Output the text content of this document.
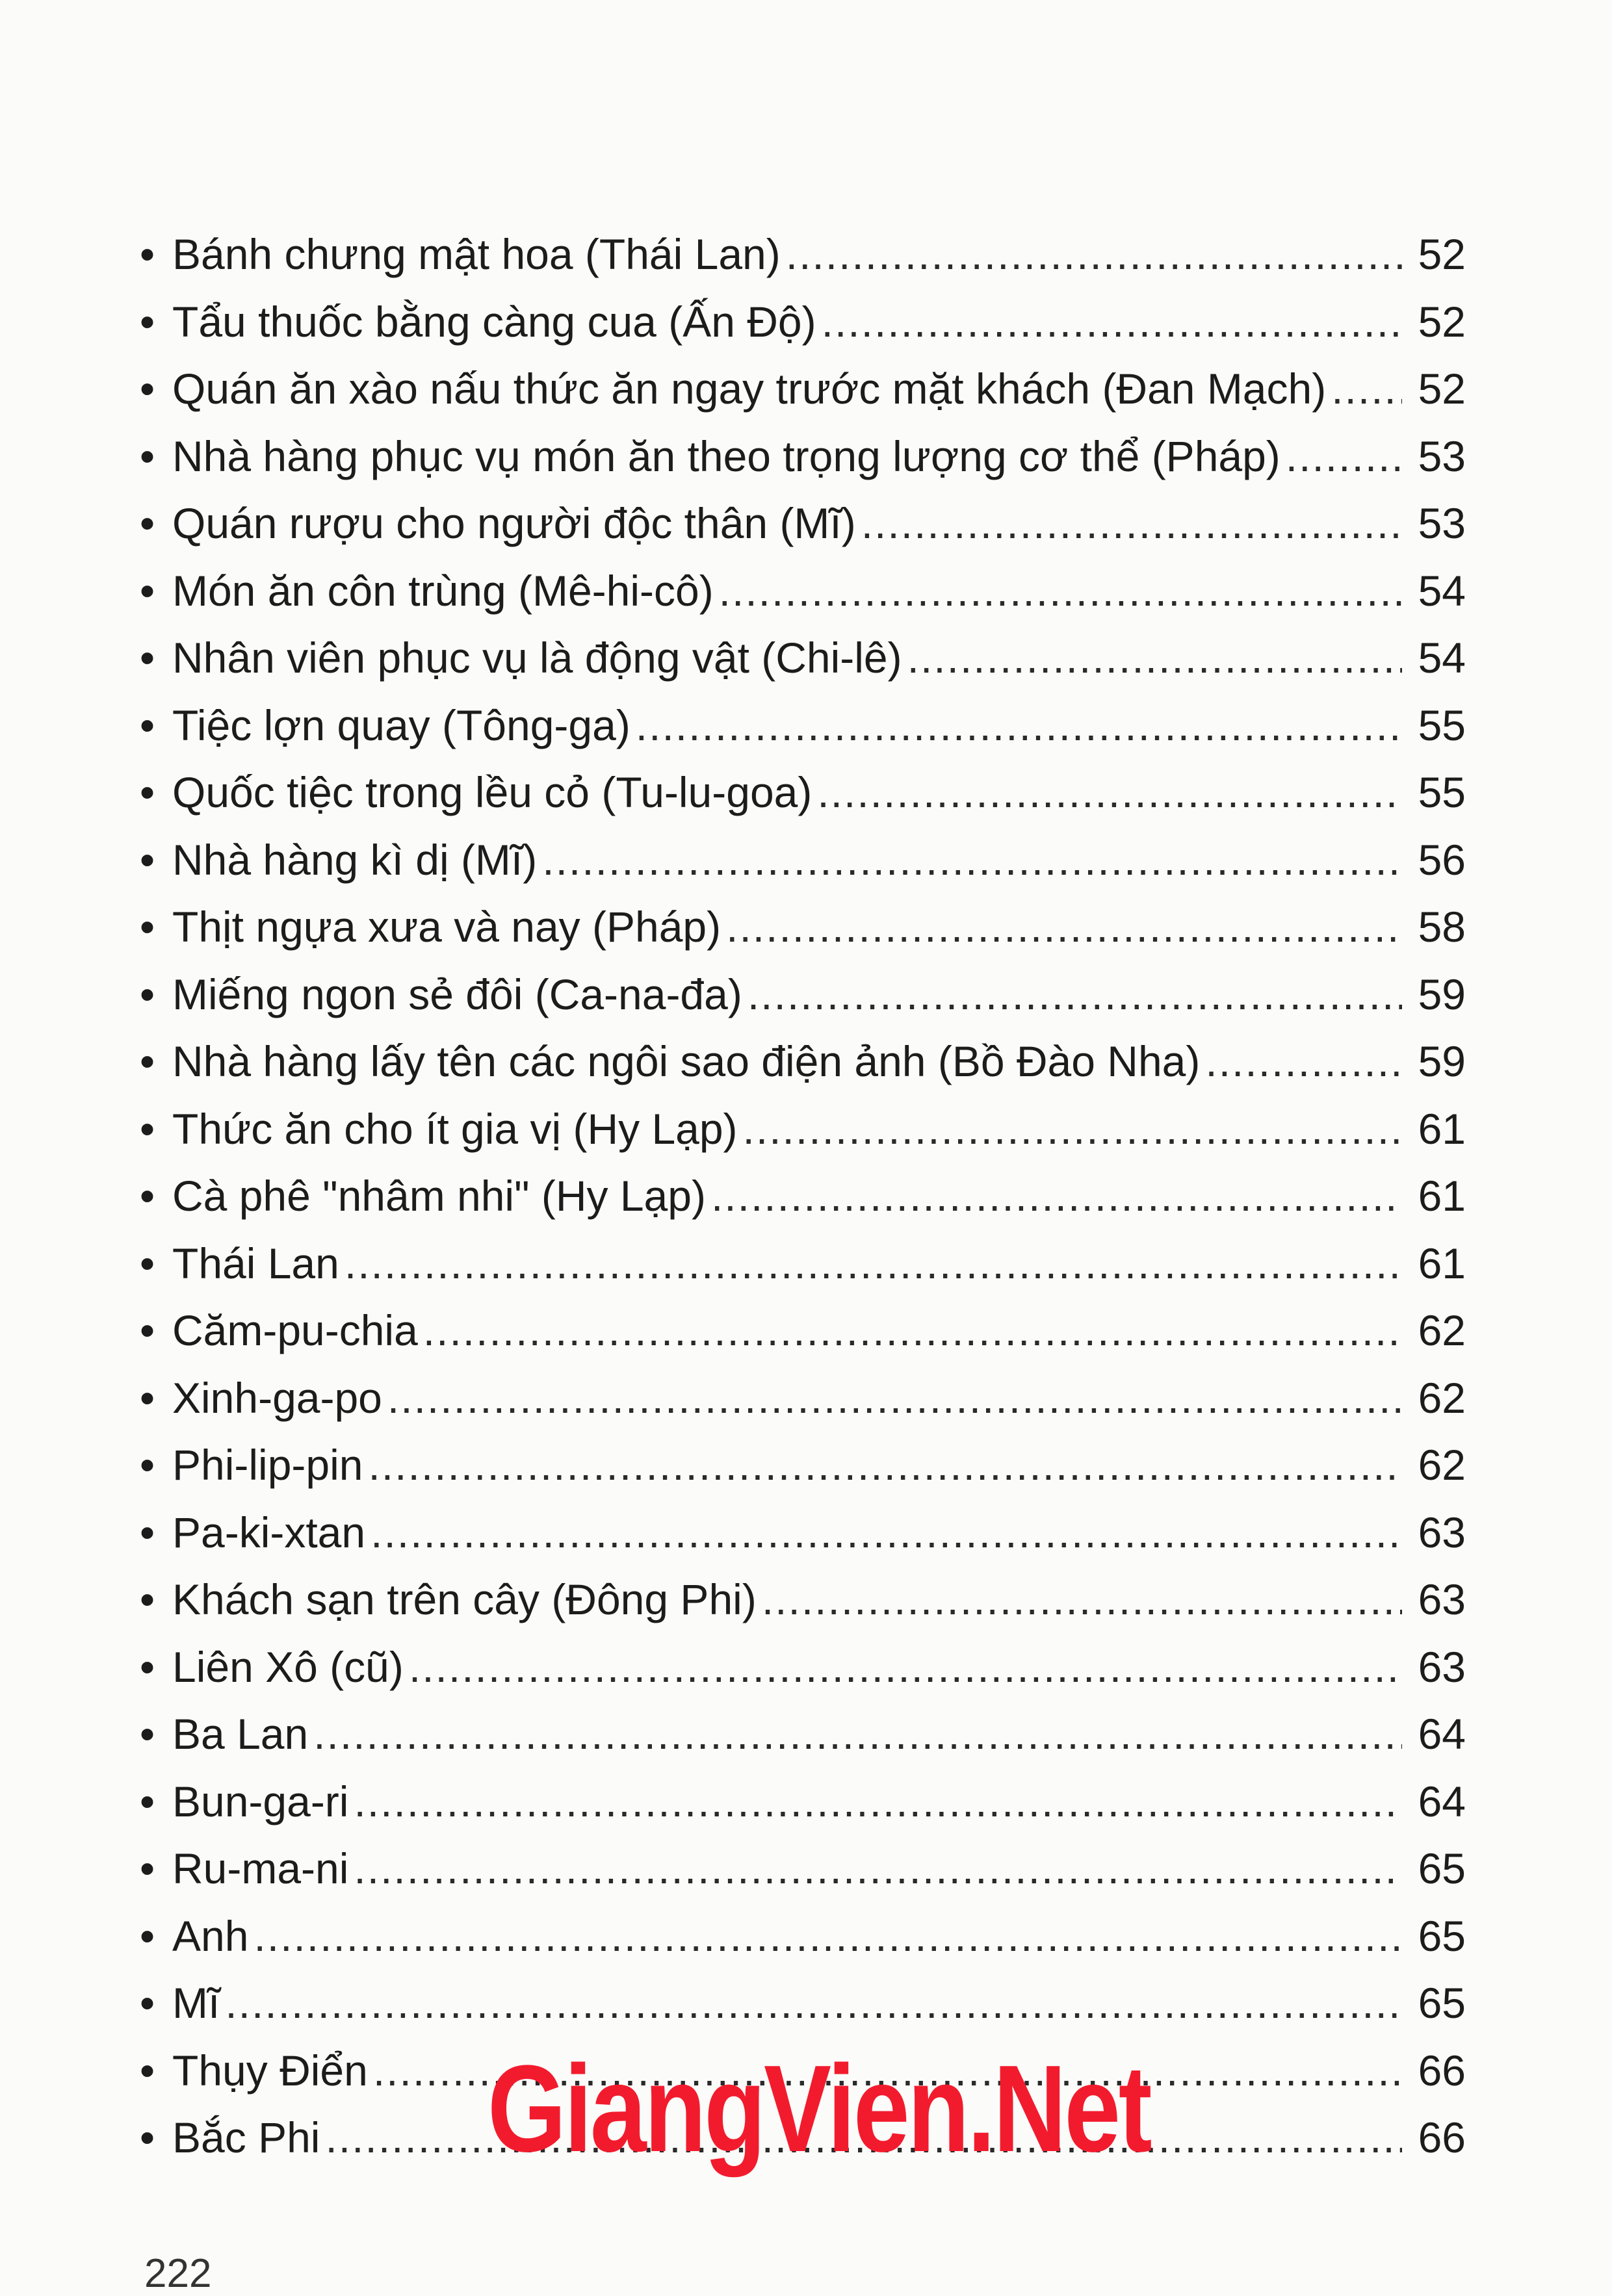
• Bánh chưng mật hoa (Thái Lan) .....	52
• Tẩu thuốc bằng càng cua (Ấn Độ) .....	52
• Quán ăn xào nấu thức ăn ngay trước mặt khách (Đan Mạch) ..... 52
• Nhà hàng phục vụ món ăn theo trọng lượng cơ thể (Pháp) .....	53
• Quán rượu cho người độc thân (Mĩ) .....	53
• Món ăn côn trùng (Mê-hi-cô) .....	54
• Nhân viên phục vụ là động vật (Chi-lê) .....	54
• Tiệc lợn quay (Tông-ga) .....	55
• Quốc tiệc trong lều cỏ (Tu-lu-goa) .....	55
• Nhà hàng kì dị (Mĩ) .....	56
• Thịt ngựa xưa và nay (Pháp) .....	58
• Miếng ngon sẻ đôi (Ca-na-đa) .....	59
• Nhà hàng lấy tên các ngôi sao điện ảnh (Bồ Đào Nha) .....	59
• Thức ăn cho ít gia vị (Hy Lạp) .....	61
• Cà phê "nhâm nhi" (Hy Lạp) .....	61
• Thái Lan .....	61
• Căm-pu-chia .....	62
• Xinh-ga-po .....	62
• Phi-lip-pin .....	62
• Pa-ki-xtan .....	63
• Khách sạn trên cây (Đông Phi) .....	63
• Liên Xô (cũ) .....	63
• Ba Lan .....	64
• Bun-ga-ri .....	64
• Ru-ma-ni .....	65
• Anh .....	65
• Mĩ .....	65
• Thụy Điển .....	66
• Bắc Phi .....	66
GiangVien.Net
222
